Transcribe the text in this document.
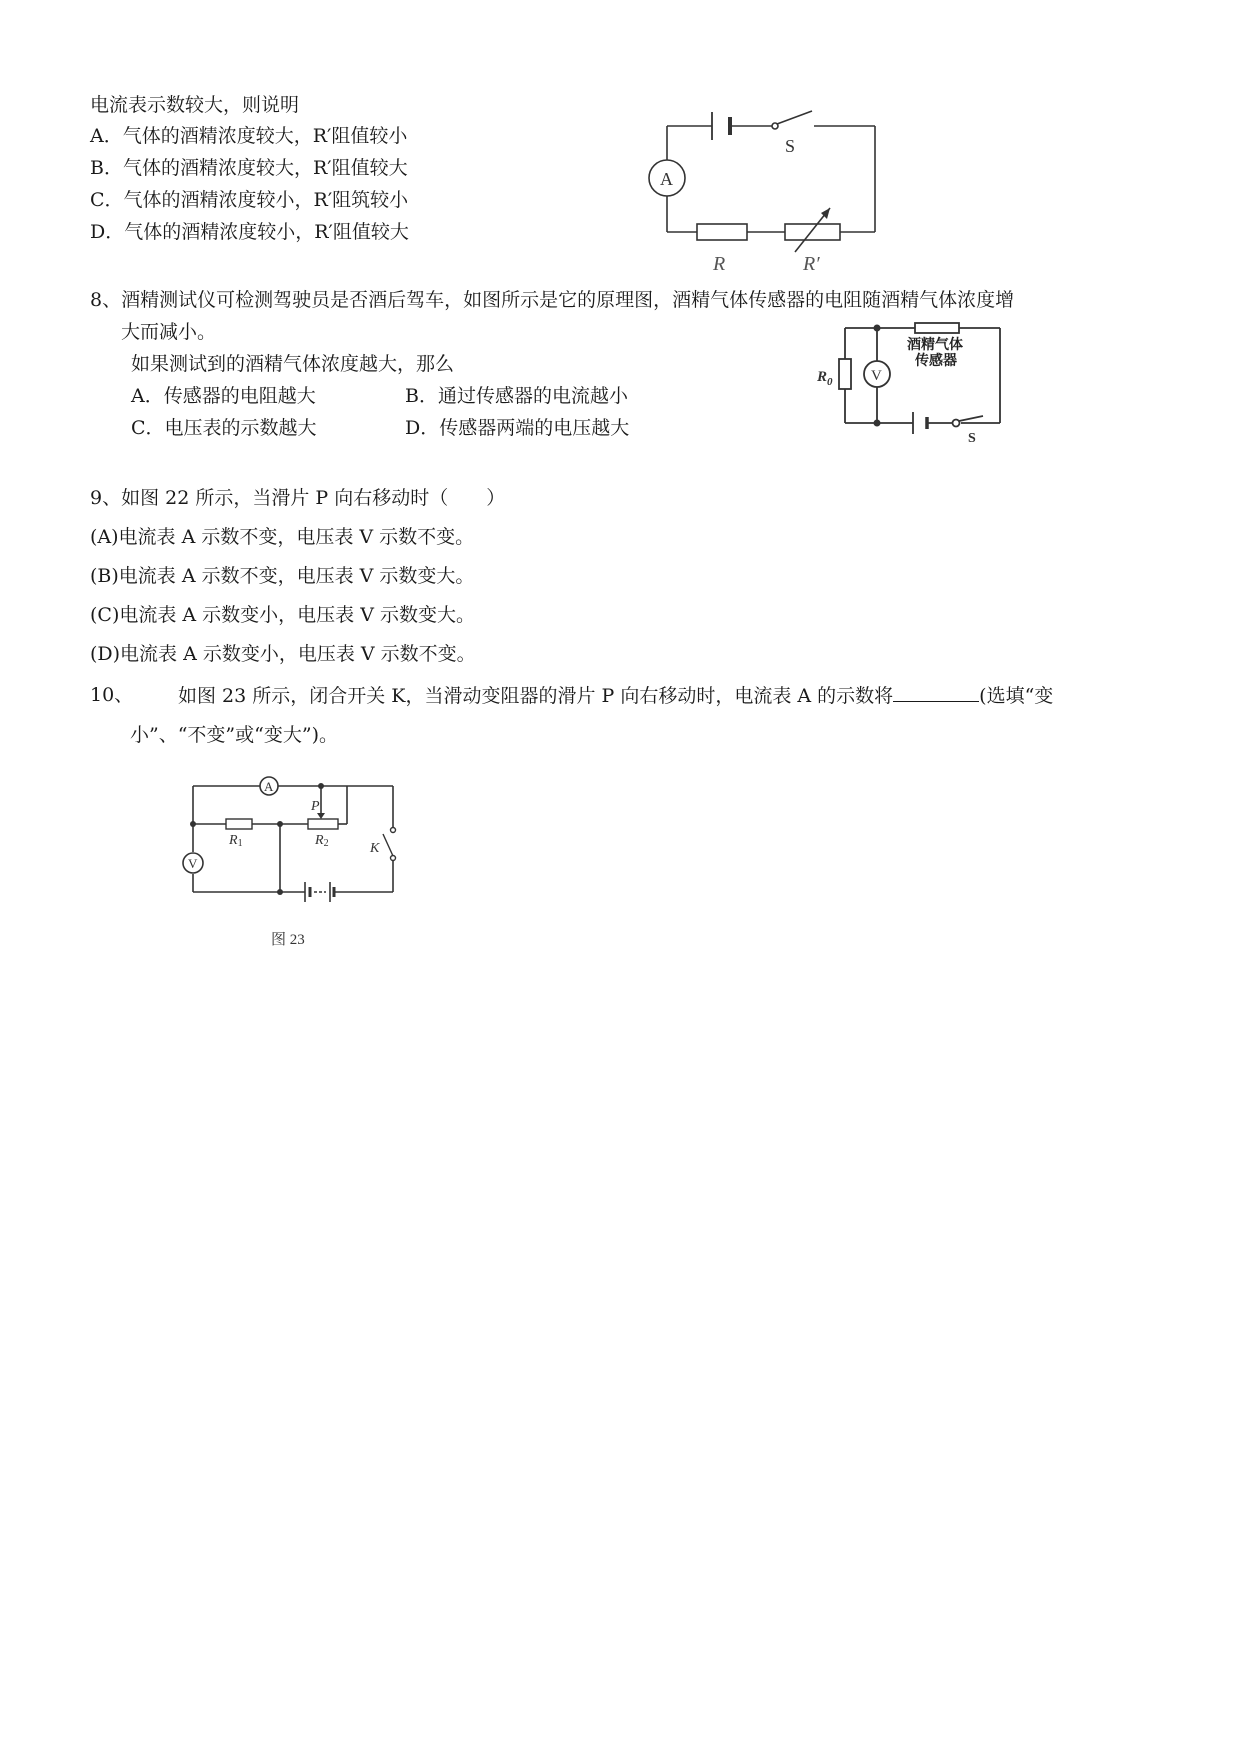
电流表示数较大，则说明
A．气体的酒精浓度较大，R′阻值较小
B．气体的酒精浓度较大，R′阻值较大
C．气体的酒精浓度较小，R′阻筑较小
D．气体的酒精浓度较小，R′阻值较大
S
A
R	R′
8、酒精测试仪可检测驾驶员是否酒后驾车，如图所示是它的原理图，酒精气体传感器的电阻随酒精气体浓度增
大而减小。
如果测试到的酒精气体浓度越大，那么
A．传感器的电阻越大	B．通过传感器的电流越小
C．电压表的示数越大	D．传感器两端的电压越大
$R_0$	V
酒精气体
传感器
S
9、如图 22 所示，当滑片 P 向右移动时（　　）
(A)电流表 A 示数不变，电压表 V 示数不变。
(B)电流表 A 示数不变，电压表 V 示数变大。
(C)电流表 A 示数变小，电压表 V 示数变大。
(D)电流表 A 示数变小，电压表 V 示数不变。
10、 如图 23 所示，闭合开关 K，当滑动变阻器的滑片 P 向右移动时，电流表 A 的示数将	(选填“变
小”、“不变”或“变大”)。
A
V
R1	R2
P
K
图 23
